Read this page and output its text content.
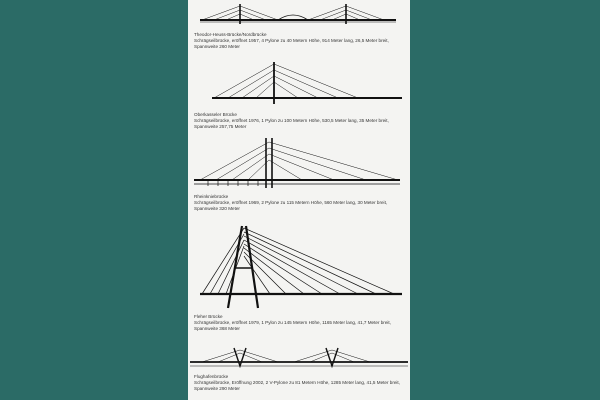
Theodor-Heuss-Brücke/Nordbrücke
Schrägseilbrücke, eröffnet 1957, 4 Pylone zu 40 Metern Höhe, 914 Meter lang, 26,5 Meter breit, Spannweite 260 Meter
Oberkasseler Brücke
Schrägseilbrücke, eröffnet 1976, 1 Pylon zu 100 Metern Höhe, 530,5 Meter lang, 35 Meter breit, Spannweite 257,75 Meter
Rheinkniebrücke
Schrägseilbrücke, eröffnet 1969, 2 Pylone zu 115 Metern Höhe, 560 Meter lang, 30 Meter breit, Spannweite 320 Meter
Fleher Brücke
Schrägseilbrücke, eröffnet 1979, 1 Pylon zu 145 Metern Höhe, 1165 Meter lang, 41,7 Meter breit, Spannweite 368 Meter
Flughafenbrücke
Schrägseilbrücke, Eröffnung 2002, 2 V-Pylone zu 81 Metern Höhe, 1285 Meter lang, 41,5 Meter breit, Spannweite 290 Meter
